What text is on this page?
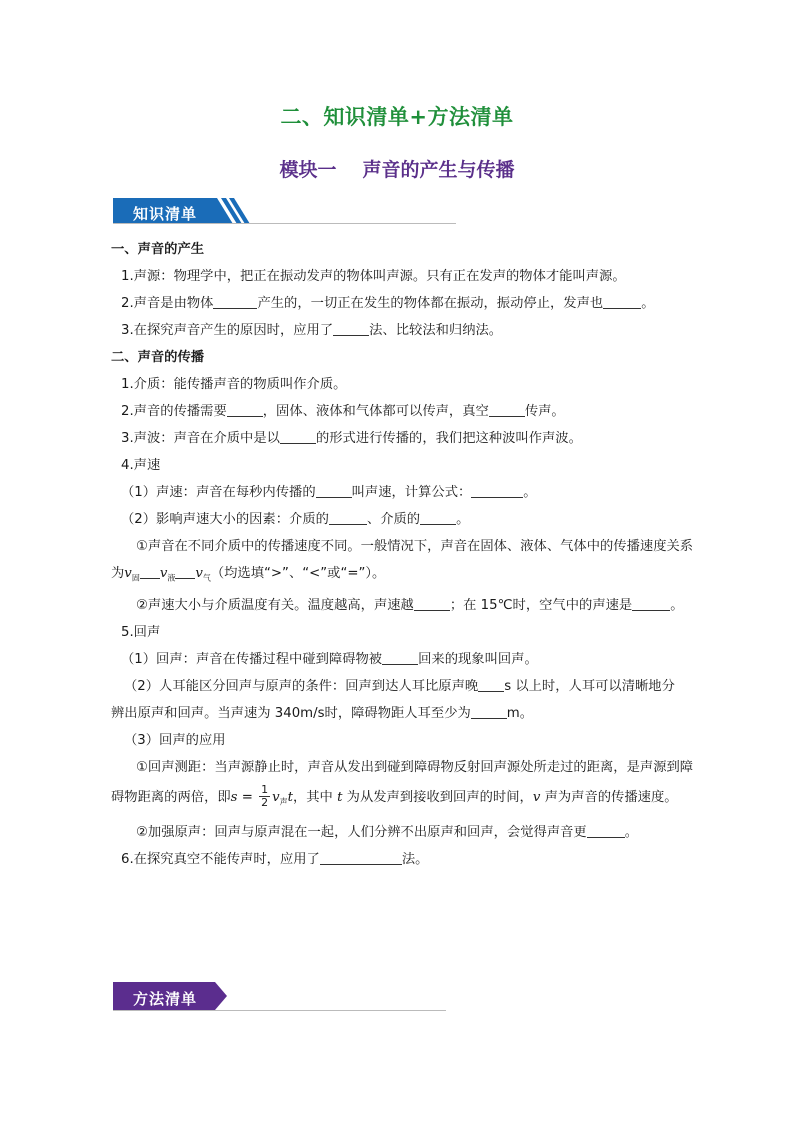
二、知识清单+方法清单
模块一 声音的产生与传播
知识清单

一、声音的产生

1.声源：物理学中，把正在振动发声的物体叫声源。只有正在发声的物体才能叫声源。

2.声音是由物体	产生的，一切正在发生的物体都在振动，振动停止，发声也	。

3.在探究声音产生的原因时，应用了	法、比较法和归纳法。

二、声音的传播

1.介质：能传播声音的物质叫作介质。

2.声音的传播需要	，固体、液体和气体都可以传声，真空	传声。

3.声波：声音在介质中是以	的形式进行传播的，我们把这种波叫作声波。

4.声速

（1）声速：声音在每秒内传播的	叫声速，计算公式：	。

（2）影响声速大小的因素：介质的	、介质的	。

①声音在不同介质中的传播速度不同。一般情况下，声音在固体、液体、气体中的传播速度关系

为$v_固$ $v_液$ $v_气$（均选填“>”、“<”或“=”）。

②声速大小与介质温度有关。温度越高，声速越	；在 15℃时，空气中的声速是	。

5.回声

（1）回声：声音在传播过程中碰到障碍物被	回来的现象叫回声。

（2）人耳能区分回声与原声的条件：回声到达人耳比原声晚 s 以上时，人耳可以清晰地分

辨出原声和回声。当声速为 340m/s时，障碍物距人耳至少为	m。

（3）回声的应用

①回声测距：当声源静止时，声音从发出到碰到障碍物反射回声源处所走过的距离，是声源到障

碍物距离的两倍，即$s = \frac{1}{2} v_声t$，其中 t 为从发声到接收到回声的时间，v 声为声音的传播速度。

②加强原声：回声与原声混在一起，人们分辨不出原声和回声，会觉得声音更	。

6.在探究真空不能传声时，应用了	法。

方法清单
